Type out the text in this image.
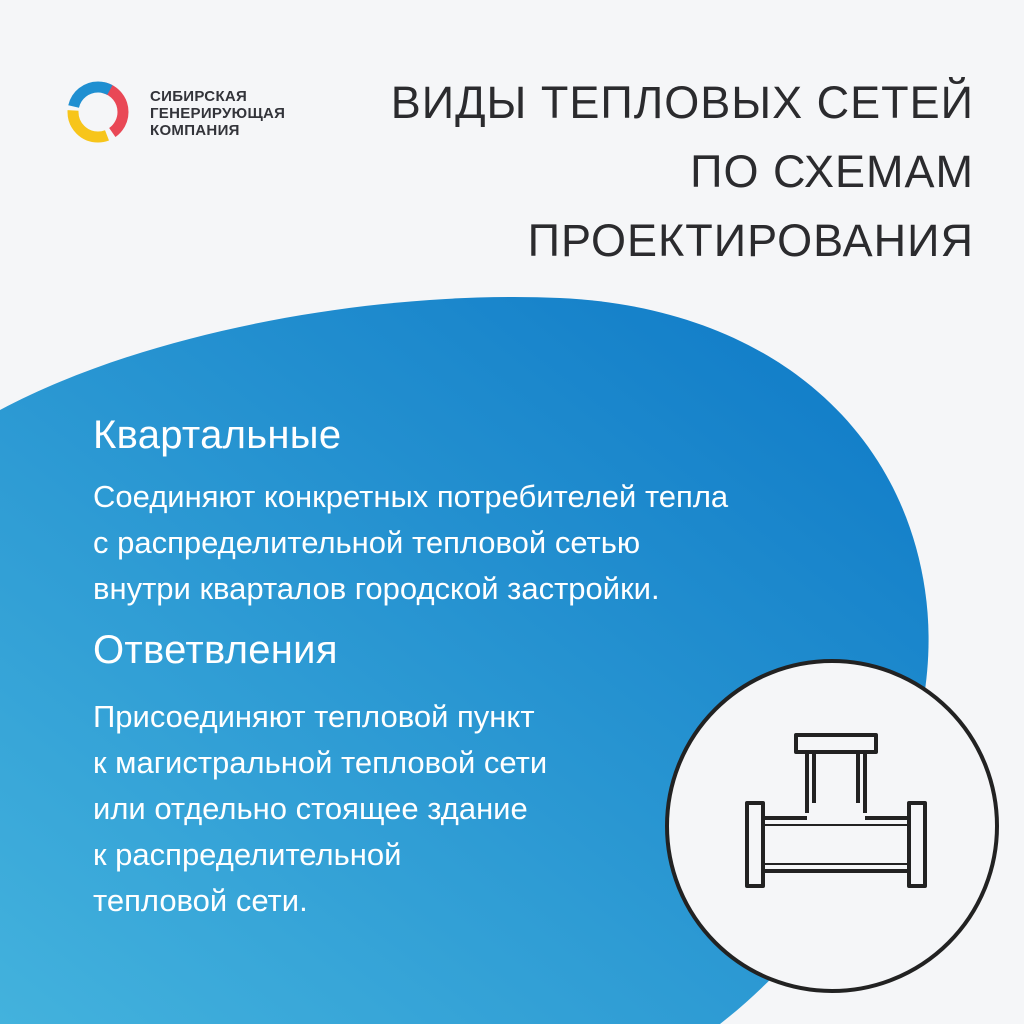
СИБИРСКАЯ
ГЕНЕРИРУЮЩАЯ
КОМПАНИЯ
ВИДЫ ТЕПЛОВЫХ СЕТЕЙ
ПО СХЕМАМ
ПРОЕКТИРОВАНИЯ
Квартальные
Соединяют конкретных потребителей тепла
с распределительной тепловой сетью
внутри кварталов городской застройки.
Ответвления
Присоединяют тепловой пункт
к магистральной тепловой сети
или отдельно стоящее здание
к распределительной
тепловой сети.
